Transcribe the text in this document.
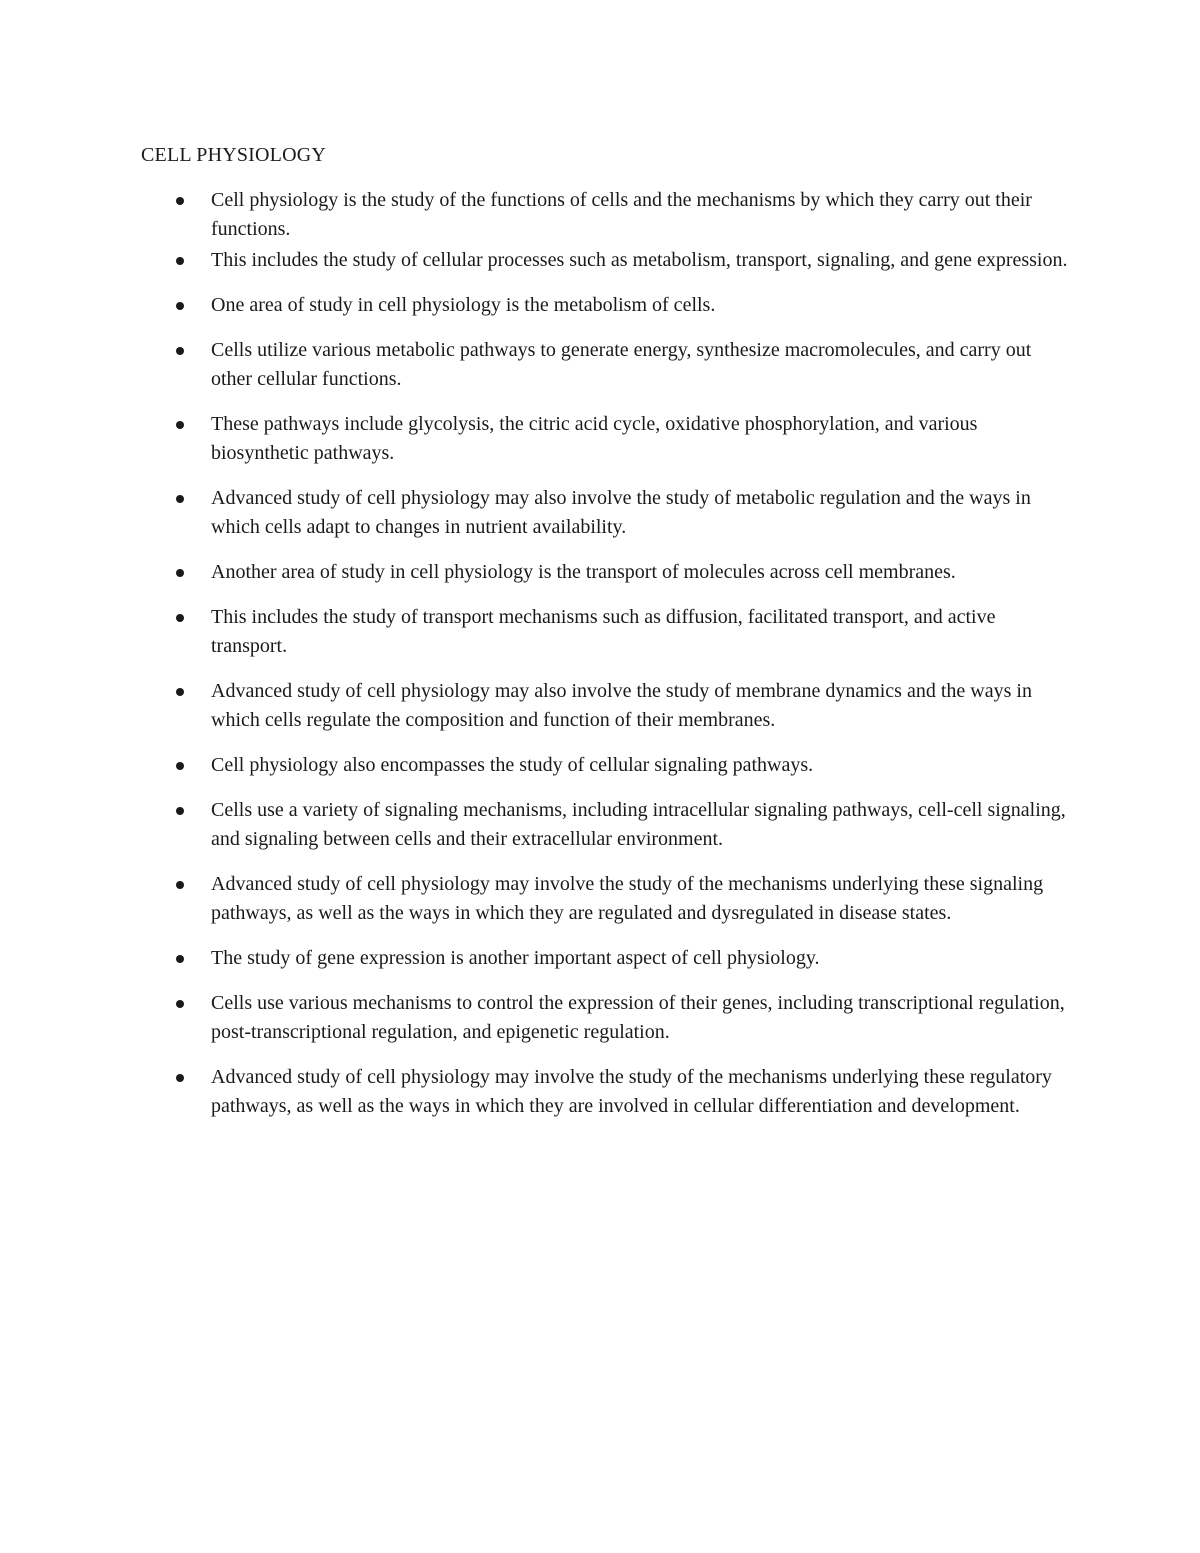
CELL PHYSIOLOGY
Cell physiology is the study of the functions of cells and the mechanisms by which they carry out their functions.
This includes the study of cellular processes such as metabolism, transport, signaling, and gene expression.
One area of study in cell physiology is the metabolism of cells.
Cells utilize various metabolic pathways to generate energy, synthesize macromolecules, and carry out other cellular functions.
These pathways include glycolysis, the citric acid cycle, oxidative phosphorylation, and various biosynthetic pathways.
Advanced study of cell physiology may also involve the study of metabolic regulation and the ways in which cells adapt to changes in nutrient availability.
Another area of study in cell physiology is the transport of molecules across cell membranes.
This includes the study of transport mechanisms such as diffusion, facilitated transport, and active transport.
Advanced study of cell physiology may also involve the study of membrane dynamics and the ways in which cells regulate the composition and function of their membranes.
Cell physiology also encompasses the study of cellular signaling pathways.
Cells use a variety of signaling mechanisms, including intracellular signaling pathways, cell-cell signaling, and signaling between cells and their extracellular environment.
Advanced study of cell physiology may involve the study of the mechanisms underlying these signaling pathways, as well as the ways in which they are regulated and dysregulated in disease states.
The study of gene expression is another important aspect of cell physiology.
Cells use various mechanisms to control the expression of their genes, including transcriptional regulation, post-transcriptional regulation, and epigenetic regulation.
Advanced study of cell physiology may involve the study of the mechanisms underlying these regulatory pathways, as well as the ways in which they are involved in cellular differentiation and development.
